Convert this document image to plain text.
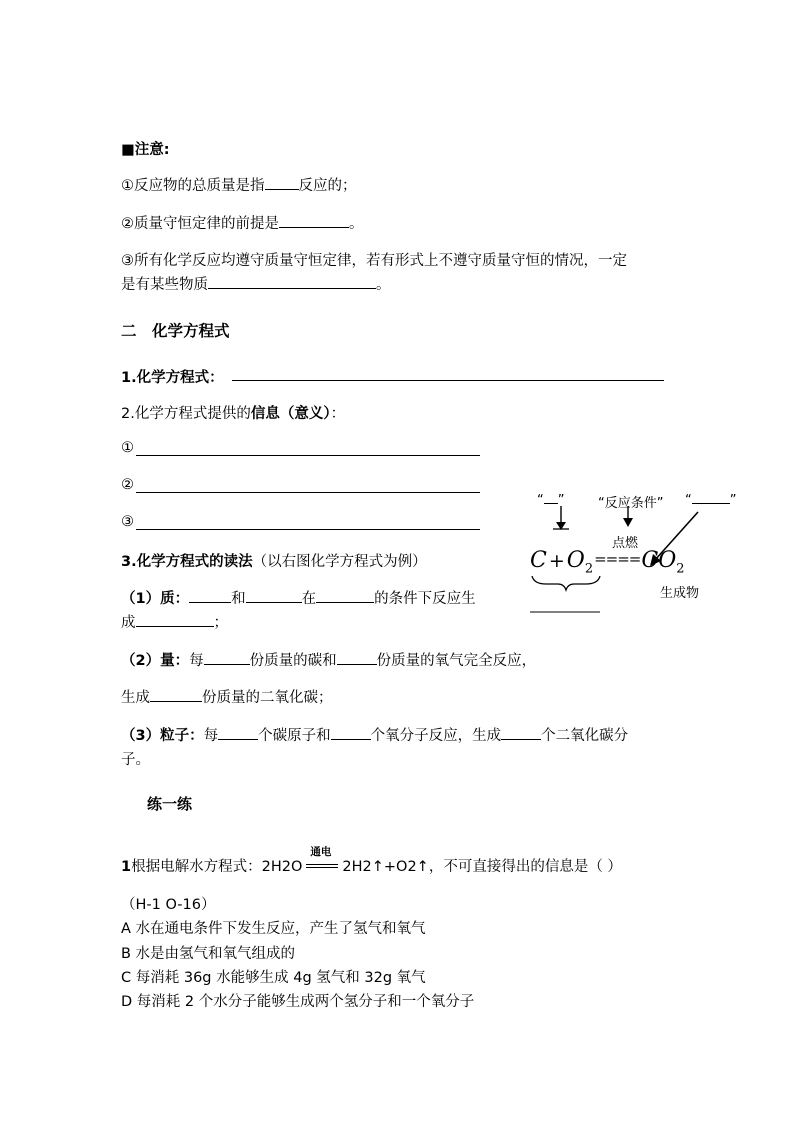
■注意:
①反应物的总质量是指 反应的；
②质量守恒定律的前提是	。
③所有化学反应均遵守质量守恒定律，若有形式上不遵守质量守恒的情况，一定
是有某些物质	。
二　化学方程式
1.化学方程式：
2.化学方程式提供的信息（意义）：
①
②
③
3.化学方程式的读法（以右图化学方程式为例）
（1）质：	和	在	的条件下反应生
成	；
（2）量：每	份质量的碳和	份质量的氧气完全反应，
生成	份质量的二氧化碳；
（3）粒子：每	个碳原子和	个氧分子反应，生成	个二氧化碳分
子。
“ ”	“反应条件” “	”
点燃
$C +O_2====CO_2$
生成物
练一练
1根据电解水方程式：2H2O
通电
2H2↑+O2↑，不可直接得出的信息是（ ）
（H-1 O-16）
A 水在通电条件下发生反应，产生了氢气和氧气
B 水是由氢气和氧气组成的
C 每消耗 36g 水能够生成 4g 氢气和 32g 氧气
D 每消耗 2 个水分子能够生成两个氢分子和一个氧分子
